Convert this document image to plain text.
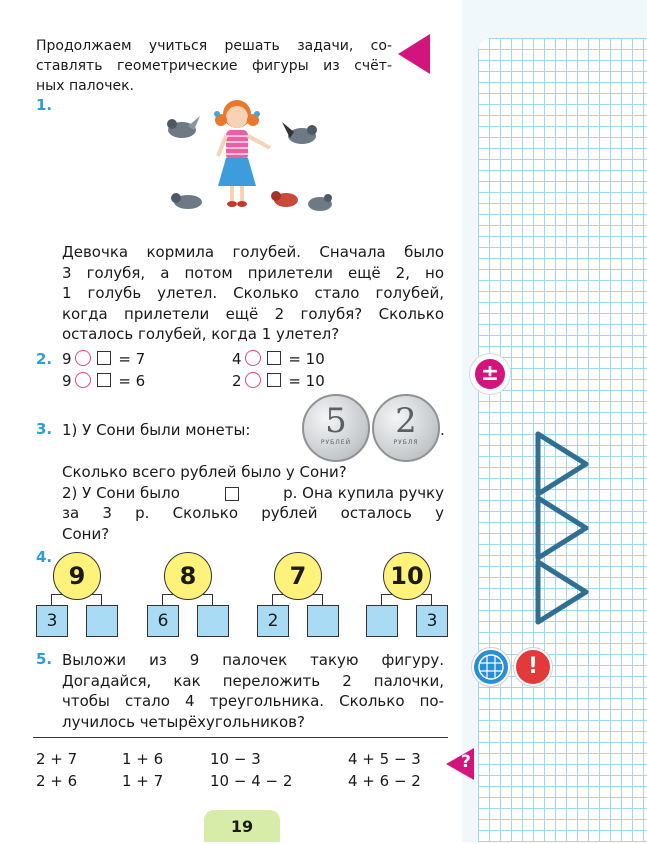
Продолжаем учиться решать задачи, со-
ставлять геометрические фигуры из счёт-
ных палочек.
1.
Девочка кормила голубей. Сначала было
3 голубя, а потом прилетели ещё 2, но
1 голубь улетел. Сколько стало голубей,
когда прилетели ещё 2 голубя? Сколько
осталось голубей, когда 1 улетел?
2. 9	= 7	4	= 10
9	= 6	2	= 10
3. 1) У Сони были монеты:	5
РУБЛЕЙ
2
РУБЛЯ
.
Сколько всего рублей было у Сони?
2) У Сони было	р. Она купила ручку
за 3 р. Сколько рублей осталось у
Сони?
4.
9
3
8
6
7
2
10
3
5. Выложи из 9 палочек такую фигуру.
Догадайся, как переложить 2 палочки,
чтобы стало 4 треугольника. Сколько по-
лучилось четырёхугольников?
2 + 7	1 + 6	10 − 3	4 + 5 − 3
2 + 6	1 + 7	10 − 4 − 2	4 + 6 − 2
19
±
!
?
